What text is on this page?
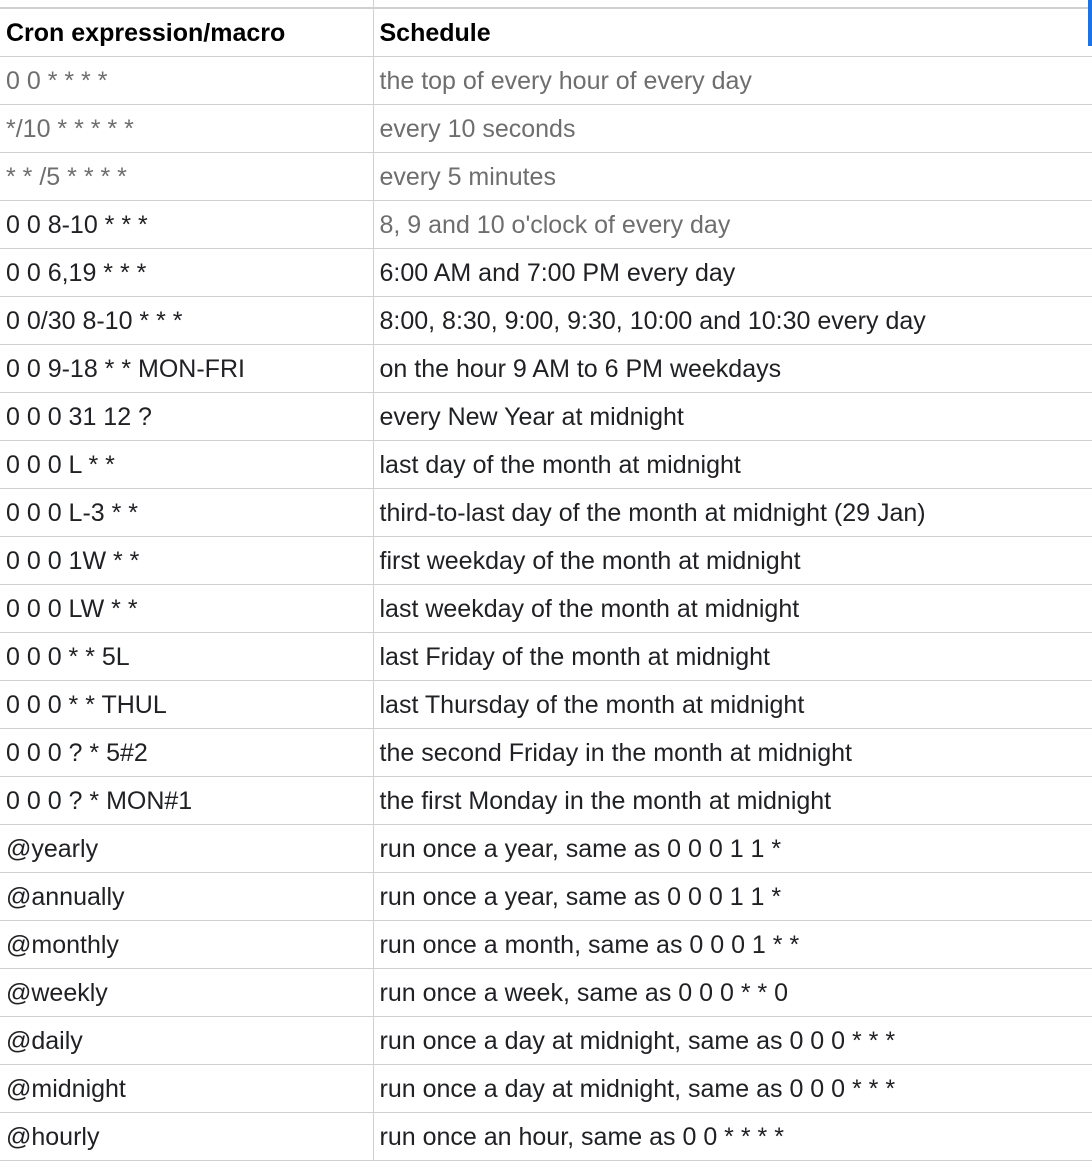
Cron expression/macro	Schedule
0 0 * * * *	the top of every hour of every day
*/10 * * * * *	every 10 seconds
* * /5 * * * *	every 5 minutes
0 0 8-10 * * *	8, 9 and 10 o'clock of every day
0 0 6,19 * * *	6:00 AM and 7:00 PM every day
0 0/30 8-10 * * *	8:00, 8:30, 9:00, 9:30, 10:00 and 10:30 every day
0 0 9-18 * * MON-FRI	on the hour 9 AM to 6 PM weekdays
0 0 0 31 12 ?	every New Year at midnight
0 0 0 L * *	last day of the month at midnight
0 0 0 L-3 * *	third-to-last day of the month at midnight (29 Jan)
0 0 0 1W * *	first weekday of the month at midnight
0 0 0 LW * *	last weekday of the month at midnight
0 0 0 * * 5L	last Friday of the month at midnight
0 0 0 * * THUL	last Thursday of the month at midnight
0 0 0 ? * 5#2	the second Friday in the month at midnight
0 0 0 ? * MON#1	the first Monday in the month at midnight
@yearly	run once a year, same as 0 0 0 1 1 *
@annually	run once a year, same as 0 0 0 1 1 *
@monthly	run once a month, same as 0 0 0 1 * *
@weekly	run once a week, same as 0 0 0 * * 0
@daily	run once a day at midnight, same as 0 0 0 * * *
@midnight	run once a day at midnight, same as 0 0 0 * * *
@hourly	run once an hour, same as 0 0 * * * *
